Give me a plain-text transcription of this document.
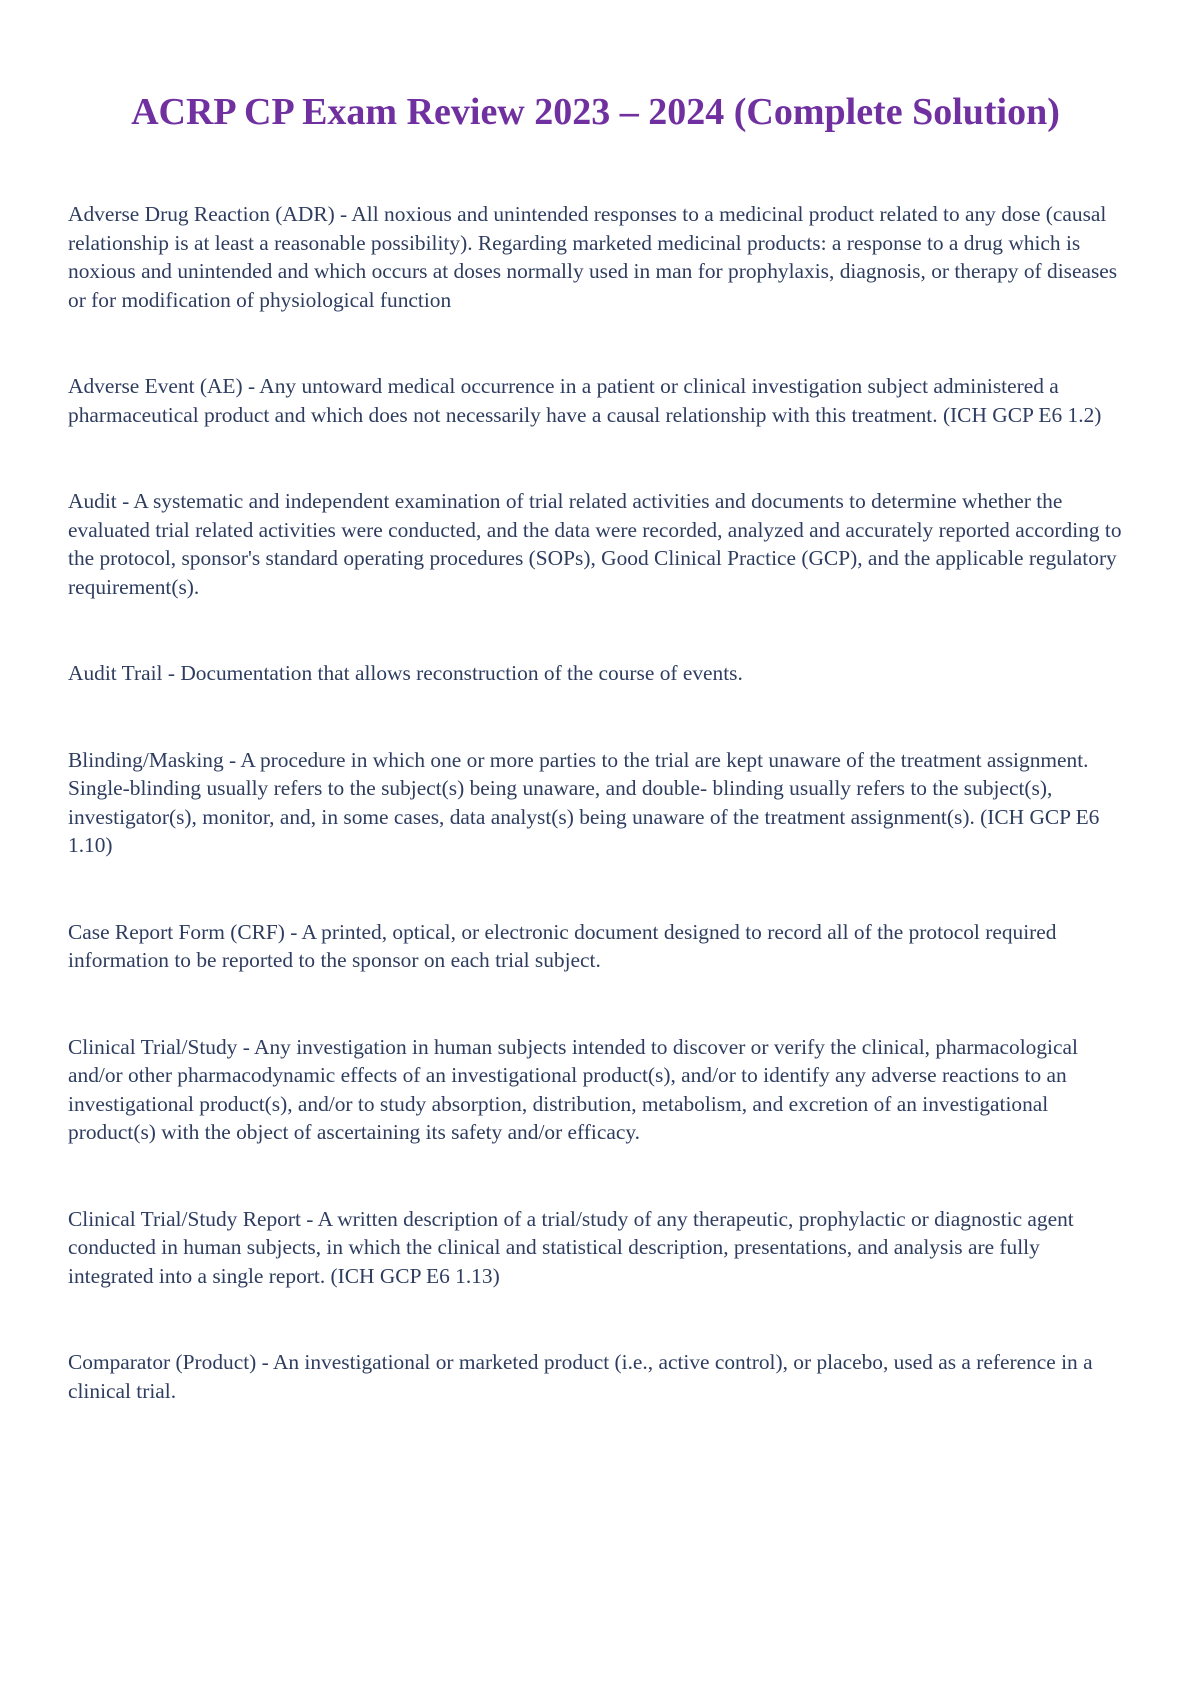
ACRP CP Exam Review 2023 – 2024 (Complete Solution)

Adverse Drug Reaction (ADR) - All noxious and unintended responses to a medicinal product related to any dose (causal relationship is at least a reasonable possibility). Regarding marketed medicinal products: a response to a drug which is noxious and unintended and which occurs at doses normally used in man for prophylaxis, diagnosis, or therapy of diseases or for modification of physiological function

Adverse Event (AE) - Any untoward medical occurrence in a patient or clinical investigation subject administered a pharmaceutical product and which does not necessarily have a causal relationship with this treatment. (ICH GCP E6 1.2)

Audit - A systematic and independent examination of trial related activities and documents to determine whether the evaluated trial related activities were conducted, and the data were recorded, analyzed and accurately reported according to the protocol, sponsor's standard operating procedures (SOPs), Good Clinical Practice (GCP), and the applicable regulatory requirement(s).

Audit Trail - Documentation that allows reconstruction of the course of events.

Blinding/Masking - A procedure in which one or more parties to the trial are kept unaware of the treatment assignment. Single-blinding usually refers to the subject(s) being unaware, and double- blinding usually refers to the subject(s), investigator(s), monitor, and, in some cases, data analyst(s) being unaware of the treatment assignment(s). (ICH GCP E6 1.10)

Case Report Form (CRF) - A printed, optical, or electronic document designed to record all of the protocol required information to be reported to the sponsor on each trial subject.

Clinical Trial/Study - Any investigation in human subjects intended to discover or verify the clinical, pharmacological and/or other pharmacodynamic effects of an investigational product(s), and/or to identify any adverse reactions to an investigational product(s), and/or to study absorption, distribution, metabolism, and excretion of an investigational product(s) with the object of ascertaining its safety and/or efficacy.

Clinical Trial/Study Report - A written description of a trial/study of any therapeutic, prophylactic or diagnostic agent conducted in human subjects, in which the clinical and statistical description, presentations, and analysis are fully integrated into a single report. (ICH GCP E6 1.13)

Comparator (Product) - An investigational or marketed product (i.e., active control), or placebo, used as a reference in a clinical trial.
